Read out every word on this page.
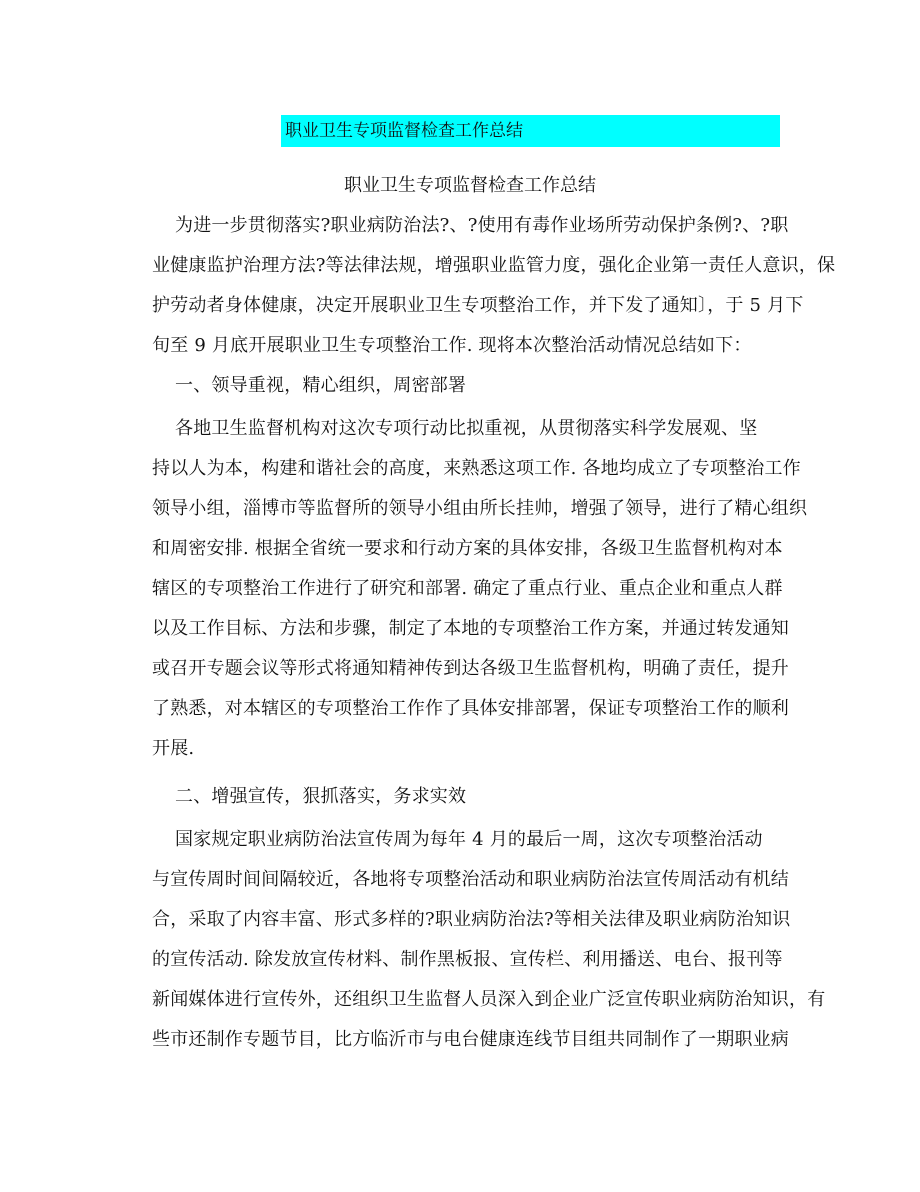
职业卫生专项监督检查工作总结
职业卫生专项监督检查工作总结
为进一步贯彻落实?职业病防治法?、?使用有毒作业场所劳动保护条例?、?职
业健康监护治理方法?等法律法规，增强职业监管力度，强化企业第一责任人意识，保
护劳动者身体健康，决定开展职业卫生专项整治工作，并下发了通知〕，于 5 月下
旬至 9 月底开展职业卫生专项整治工作. 现将本次整治活动情况总结如下：
一、领导重视，精心组织，周密部署
各地卫生监督机构对这次专项行动比拟重视，从贯彻落实科学发展观、坚
持以人为本，构建和谐社会的高度，来熟悉这项工作. 各地均成立了专项整治工作
领导小组，淄博市等监督所的领导小组由所长挂帅，增强了领导，进行了精心组织
和周密安排. 根据全省统一要求和行动方案的具体安排，各级卫生监督机构对本
辖区的专项整治工作进行了研究和部署. 确定了重点行业、重点企业和重点人群
以及工作目标、方法和步骤，制定了本地的专项整治工作方案，并通过转发通知
或召开专题会议等形式将通知精神传到达各级卫生监督机构，明确了责任，提升
了熟悉，对本辖区的专项整治工作作了具体安排部署，保证专项整治工作的顺利
开展.
二、增强宣传，狠抓落实，务求实效
国家规定职业病防治法宣传周为每年 4 月的最后一周，这次专项整治活动
与宣传周时间间隔较近，各地将专项整治活动和职业病防治法宣传周活动有机结
合，采取了内容丰富、形式多样的?职业病防治法?等相关法律及职业病防治知识
的宣传活动. 除发放宣传材料、制作黑板报、宣传栏、利用播送、电台、报刊等
新闻媒体进行宣传外，还组织卫生监督人员深入到企业广泛宣传职业病防治知识，有
些市还制作专题节目，比方临沂市与电台健康连线节目组共同制作了一期职业病
